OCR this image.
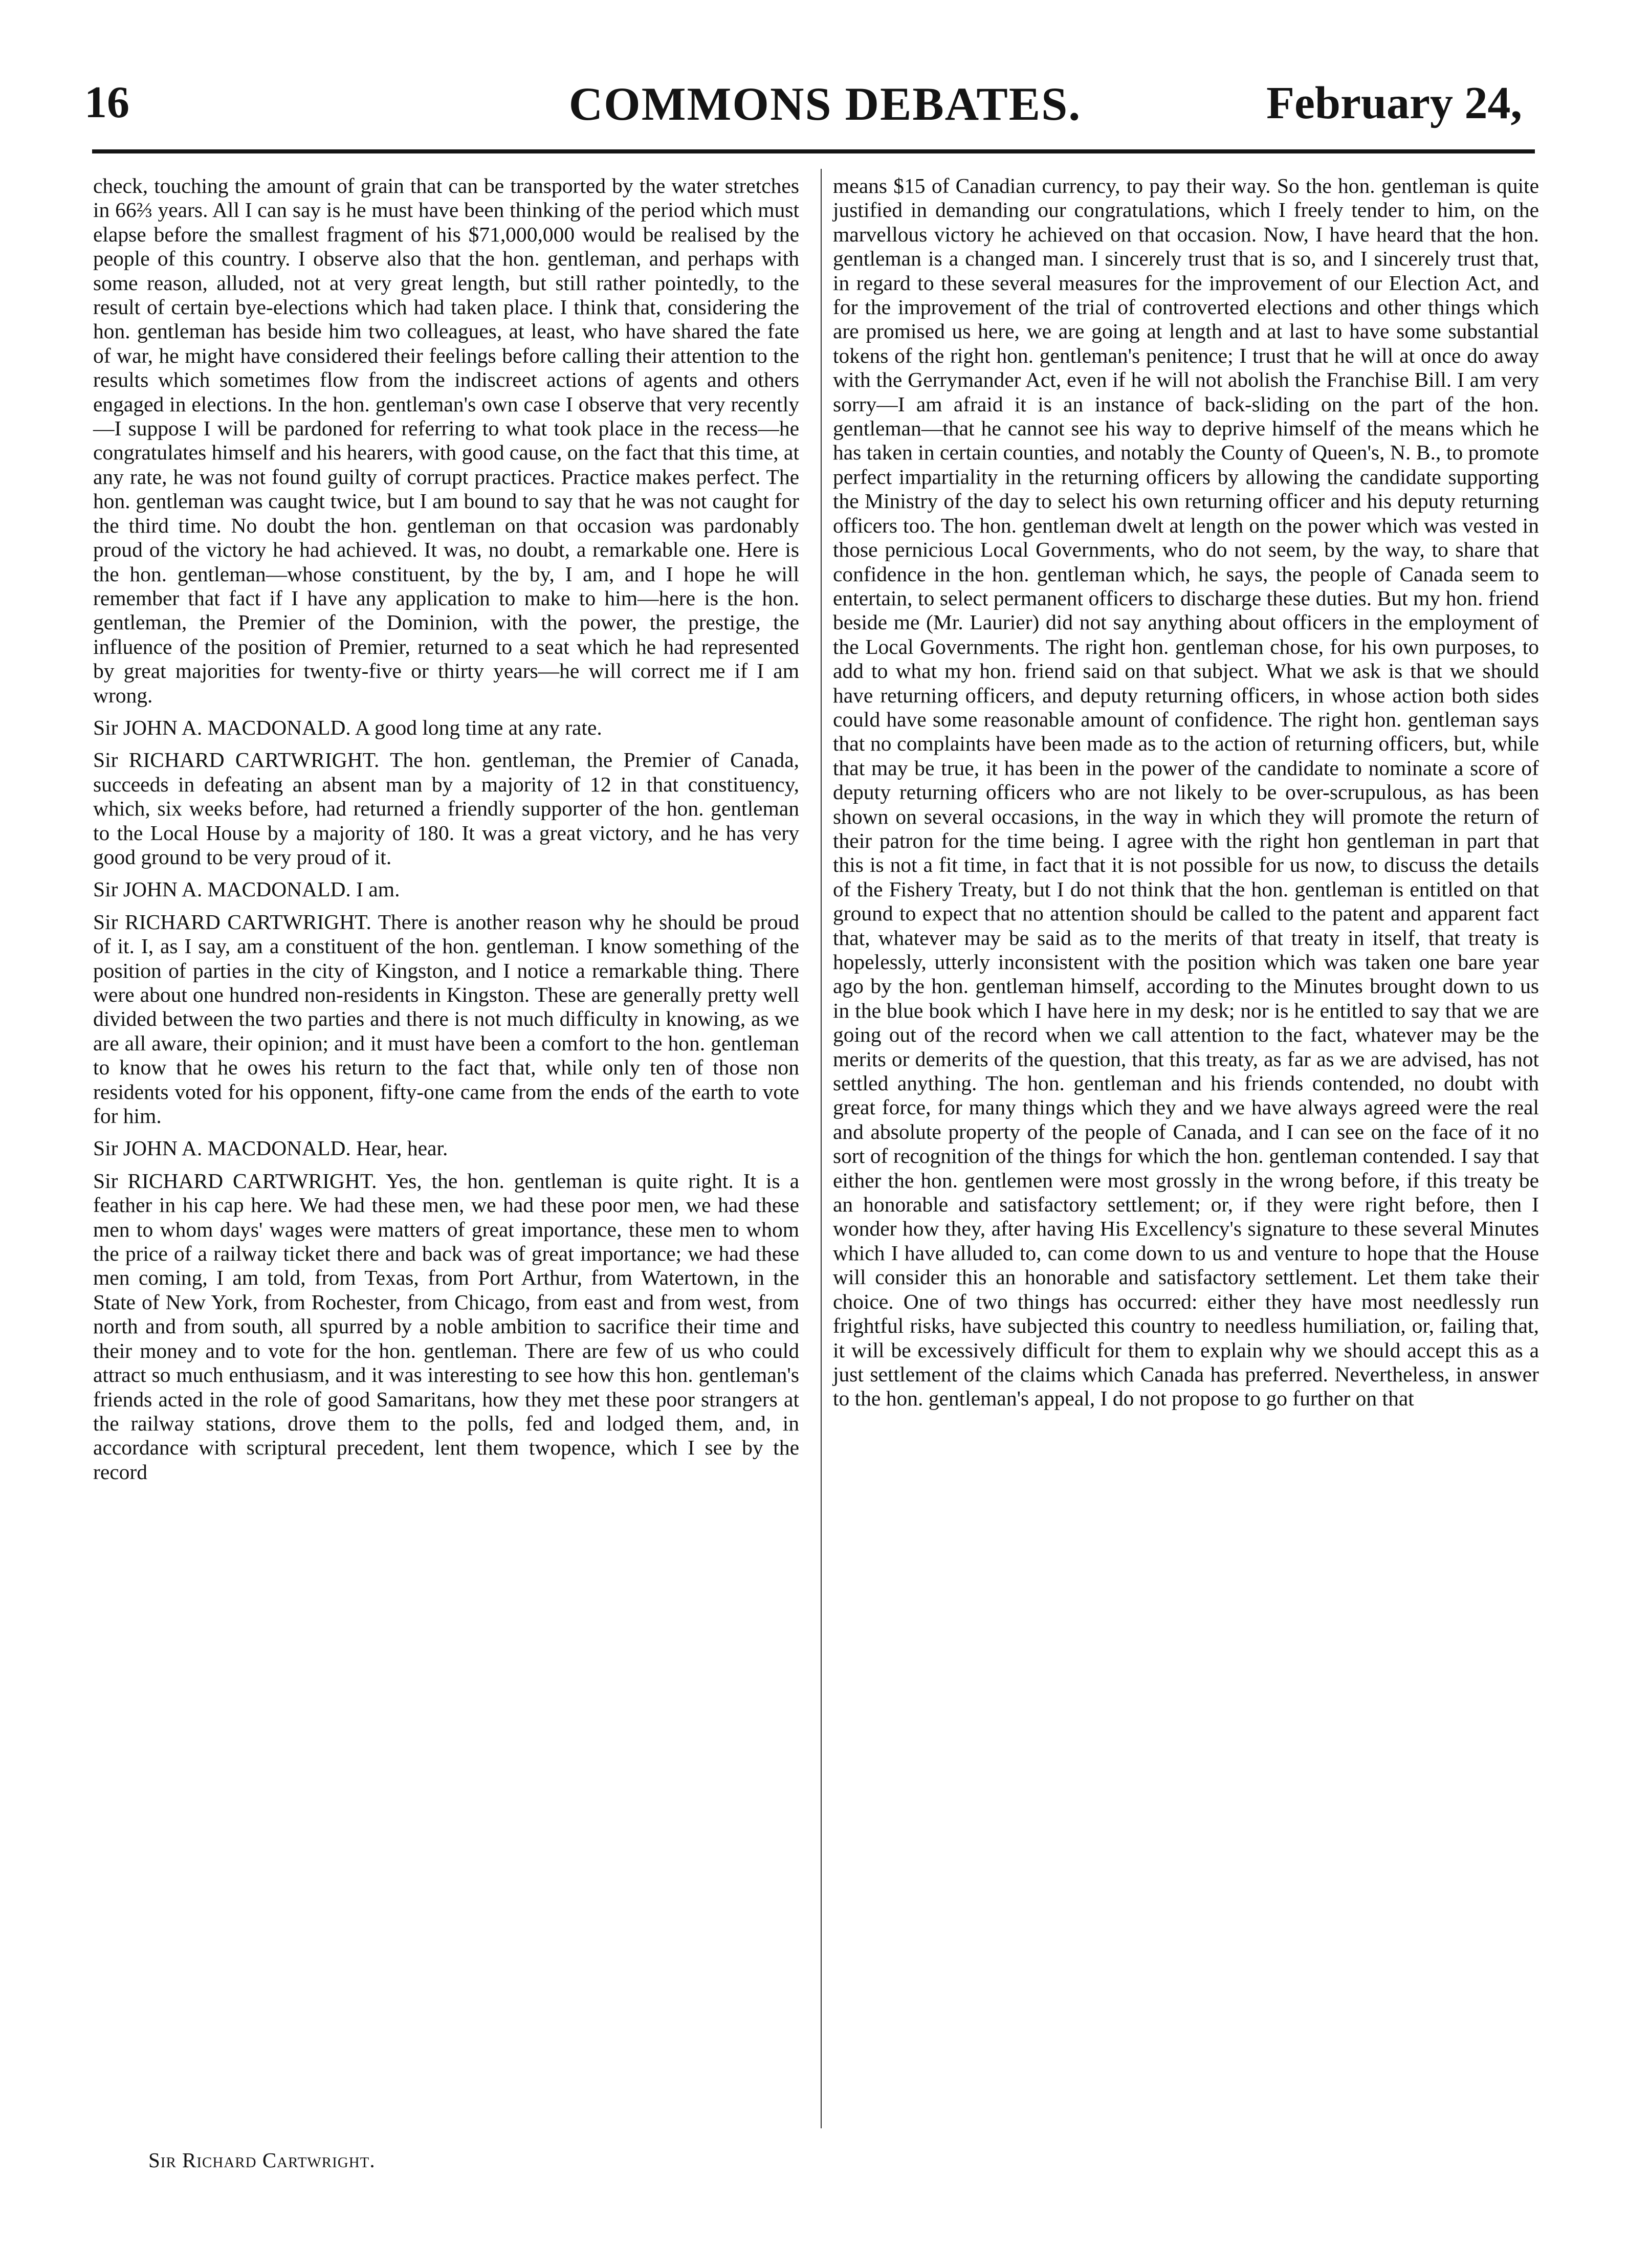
16	COMMONS DEBATES.	February 24,

check, touching the amount of grain that can be transported by the water stretches in 66⅔ years. All I can say is he must have been thinking of the period which must elapse before the smallest fragment of his $71,000,000 would be realised by the people of this country. I observe also that the hon. gentleman, and perhaps with some reason, alluded, not at very great length, but still rather pointedly, to the result of certain bye-elections which had taken place. I think that, considering the hon. gentleman has beside him two colleagues, at least, who have shared the fate of war, he might have considered their feelings before calling their attention to the results which sometimes flow from the indiscreet actions of agents and others engaged in elections. In the hon. gentleman's own case I observe that very recently—I suppose I will be pardoned for referring to what took place in the recess—he congratulates himself and his hearers, with good cause, on the fact that this time, at any rate, he was not found guilty of corrupt practices. Practice makes perfect. The hon. gentleman was caught twice, but I am bound to say that he was not caught for the third time. No doubt the hon. gentleman on that occasion was pardonably proud of the victory he had achieved. It was, no doubt, a remarkable one. Here is the hon. gentleman—whose constituent, by the by, I am, and I hope he will remember that fact if I have any application to make to him—here is the hon. gentleman, the Premier of the Dominion, with the power, the prestige, the influence of the position of Premier, returned to a seat which he had represented by great majorities for twenty-five or thirty years—he will correct me if I am wrong.

Sir JOHN A. MACDONALD. A good long time at any rate.

Sir RICHARD CARTWRIGHT. The hon. gentleman, the Premier of Canada, succeeds in defeating an absent man by a majority of 12 in that constituency, which, six weeks before, had returned a friendly supporter of the hon. gentleman to the Local House by a majority of 180. It was a great victory, and he has very good ground to be very proud of it.

Sir JOHN A. MACDONALD. I am.

Sir RICHARD CARTWRIGHT. There is another reason why he should be proud of it. I, as I say, am a constituent of the hon. gentleman. I know something of the position of parties in the city of Kingston, and I notice a remarkable thing. There were about one hundred non-residents in Kingston. These are generally pretty well divided between the two parties and there is not much difficulty in knowing, as we are all aware, their opinion; and it must have been a comfort to the hon. gentleman to know that he owes his return to the fact that, while only ten of those non residents voted for his opponent, fifty-one came from the ends of the earth to vote for him.

Sir JOHN A. MACDONALD. Hear, hear.

Sir RICHARD CARTWRIGHT. Yes, the hon. gentleman is quite right. It is a feather in his cap here. We had these men, we had these poor men, we had these men to whom days' wages were matters of great importance, these men to whom the price of a railway ticket there and back was of great importance; we had these men coming, I am told, from Texas, from Port Arthur, from Watertown, in the State of New York, from Rochester, from Chicago, from east and from west, from north and from south, all spurred by a noble ambition to sacrifice their time and their money and to vote for the hon. gentleman. There are few of us who could attract so much enthusiasm, and it was interesting to see how this hon. gentleman's friends acted in the role of good Samaritans, how they met these poor strangers at the railway stations, drove them to the polls, fed and lodged them, and, in accordance with scriptural precedent, lent them twopence, which I see by the record

means $15 of Canadian currency, to pay their way. So the hon. gentleman is quite justified in demanding our congratulations, which I freely tender to him, on the marvellous victory he achieved on that occasion. Now, I have heard that the hon. gentleman is a changed man. I sincerely trust that is so, and I sincerely trust that, in regard to these several measures for the improvement of our Election Act, and for the improvement of the trial of controverted elections and other things which are promised us here, we are going at length and at last to have some substantial tokens of the right hon. gentleman's penitence; I trust that he will at once do away with the Gerrymander Act, even if he will not abolish the Franchise Bill. I am very sorry—I am afraid it is an instance of back-sliding on the part of the hon. gentleman—that he cannot see his way to deprive himself of the means which he has taken in certain counties, and notably the County of Queen's, N. B., to promote perfect impartiality in the returning officers by allowing the candidate supporting the Ministry of the day to select his own returning officer and his deputy returning officers too. The hon. gentleman dwelt at length on the power which was vested in those pernicious Local Governments, who do not seem, by the way, to share that confidence in the hon. gentleman which, he says, the people of Canada seem to entertain, to select permanent officers to discharge these duties. But my hon. friend beside me (Mr. Laurier) did not say anything about officers in the employment of the Local Governments. The right hon. gentleman chose, for his own purposes, to add to what my hon. friend said on that subject. What we ask is that we should have returning officers, and deputy returning officers, in whose action both sides could have some reasonable amount of confidence. The right hon. gentleman says that no complaints have been made as to the action of returning officers, but, while that may be true, it has been in the power of the candidate to nominate a score of deputy returning officers who are not likely to be over-scrupulous, as has been shown on several occasions, in the way in which they will promote the return of their patron for the time being. I agree with the right hon gentleman in part that this is not a fit time, in fact that it is not possible for us now, to discuss the details of the Fishery Treaty, but I do not think that the hon. gentleman is entitled on that ground to expect that no attention should be called to the patent and apparent fact that, whatever may be said as to the merits of that treaty in itself, that treaty is hopelessly, utterly inconsistent with the position which was taken one bare year ago by the hon. gentleman himself, according to the Minutes brought down to us in the blue book which I have here in my desk; nor is he entitled to say that we are going out of the record when we call attention to the fact, whatever may be the merits or demerits of the question, that this treaty, as far as we are advised, has not settled anything. The hon. gentleman and his friends contended, no doubt with great force, for many things which they and we have always agreed were the real and absolute property of the people of Canada, and I can see on the face of it no sort of recognition of the things for which the hon. gentleman contended. I say that either the hon. gentlemen were most grossly in the wrong before, if this treaty be an honorable and satisfactory settlement; or, if they were right before, then I wonder how they, after having His Excellency's signature to these several Minutes which I have alluded to, can come down to us and venture to hope that the House will consider this an honorable and satisfactory settlement. Let them take their choice. One of two things has occurred: either they have most needlessly run frightful risks, have subjected this country to needless humiliation, or, failing that, it will be excessively difficult for them to explain why we should accept this as a just settlement of the claims which Canada has preferred. Nevertheless, in answer to the hon. gentleman's appeal, I do not propose to go further on that

Sir Richard Cartwright.
